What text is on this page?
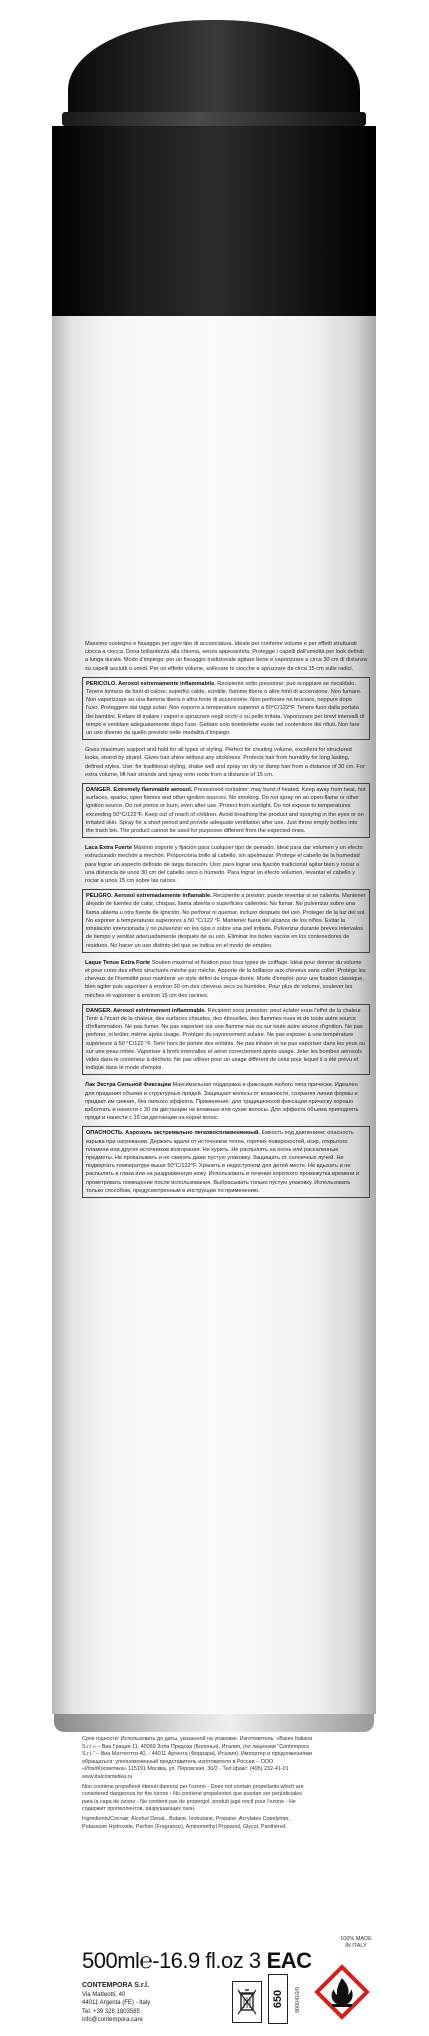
Massimo sostegno e fissaggio per ogni tipo di acconciatura. Ideale per conferire volume e per effetti strutturati ciocca a ciocca. Dona brillantezza alla chioma, senza appesantirla. Protegge i capelli dall'umidità per look definiti a lunga durata. Modo d'impiego: per un fissaggio tradizionale agitare bene e vaporizzare a circa 30 cm di distanza su capelli asciutti o umidi. Per un effetto volume, sollevare le ciocche e spruzzare da circa 15 cm sulle radici.
PERICOLO. Aerosol estremamente infiammabile. Recipiente sotto pressione: può scoppiare se riscaldato. Tenere lontano da fonti di calore, superfici calde, scintille, fiamme libere o altre fonti di accensione. Non fumare. Non vaporizzare su una fiamma libera o altra fonte di accensione. Non perforare né bruciare, neppure dopo l'uso. Proteggere dai raggi solari. Non esporre a temperature superiori a 50°C/122°F. Tenere fuori dalla portata dei bambini. Evitare di inalare i vapori e spruzzare negli occhi o su pelle irritata. Vaporizzare per brevi intervalli di tempo e ventilare adeguatamente dopo l'uso. Gettare solo bombolette vuote nel contenitore dei rifiuti. Non fare un uso diverso da quello previsto nelle modalità d'impiego.
Gives maximum support and hold for all types of styling. Perfect for creating volume, excellent for structured looks, strand by strand. Gives hair shine without any stickiness. Protects hair from humidity for long lasting, defined styles. Use: for traditional styling, shake well and spray on dry or damp hair from a distance of 30 cm. For extra volume, lift hair strands and spray onto roots from a distance of 15 cm.
DANGER. Extremely flammable aerosol. Pressurised container: may burst if heated. Keep away from heat, hot surfaces, sparks, open flames and other ignition sources. No smoking. Do not spray on an open flame or other ignition source. Do not pierce or burn, even after use. Protect from sunlight. Do not expose to temperatures exceeding 50°C/122°F. Keep out of reach of children. Avoid breathing the product and spraying in the eyes or on irritated skin. Spray for a short period and provide adequate ventilation after use. Just throw empty bottles into the trash bin. The product cannot be used for purposes different from the expected ones.
Laca Extra Fuerte Máximo soporte y fijación para cualquier tipo de peinado. Ideal para dar volumen y un efecto estructurado mechón a mechón. Proporciona brillo al cabello, sin apelmazar. Protege el cabello de la humedad para lograr un aspecto definido de larga duración. Uso: para lograr una fijación tradicional agitar bien y rociar a una distancia de unos 30 cm del cabello seco o húmedo. Para lograr un efecto volumen, levantar el cabello y rociar a unos 15 cm sobre las raíces.
PELIGRO. Aerosol extremadamente inflamable. Recipiente a presión: puede reventar si se calienta. Mantener alejado de fuentes de calor, chispas, llama abierta o superficies calientes. No fumar. No pulverizar sobre una llama abierta u otra fuente de ignición. No perforar ni quemar, incluso después del uso. Proteger de la luz del sol. No exponer a temperaturas superiores a 50 °C/122 °F. Mantener fuera del alcance de los niños. Evitar la inhalación intencionada y no pulverizar en los ojos o sobre una piel irritada. Pulverizar durante breves intervalos de tiempo y ventilar adecuadamente después de su uso. Eliminar los botes vacíos en los contenedores de residuos. No hacer un uso distinto del que se indica en el modo de empleo.
Laque Tenue Extra Forte Soutien maximal et fixation pour tous types de coiffage. Idéal pour donner du volume et pour créer des effets structurés mèche par mèche. Apporte de la brillance aux cheveux sans coller. Protège les cheveux de l'humidité pour maintenir un style défini de longue durée. Mode d'emploi: pour une fixation classique, bien agiter puis vaporiser à environ 30 cm des cheveux secs ou humides. Pour plus de volume, soulever les mèches et vaporiser à environ 15 cm des racines.
DANGER. Aérosol extrêmement inflammable. Récipient sous pression: peut éclater sous l'effet de la chaleur. Tenir à l'écart de la chaleur, des surfaces chaudes, des étincelles, des flammes nues et de toute autre source d'inflammation. Ne pas fumer. Ne pas vaporiser sur une flamme nue ou sur toute autre source d'ignition. Ne pas perforer, ni brûler, même après usage. Protéger du rayonnement solaire. Ne pas exposer à une température supérieure à 50 °C/122 °F. Tenir hors de portée des enfants. Ne pas inhaler et ne pas vaporiser dans les yeux ou sur une peau irritée. Vaporiser à brefs intervalles et aérer correctement après usage. Jeter les bombes aérosols vides dans le conteneur à déchets. Ne pas utiliser pour un usage différent de celui pour lequel il a été prévu et indiqué dans le mode d'emploi.
Лак Экстра Сильной Фиксации Максимальная поддержка и фиксация любого типа прически. Идеален для придания объема и структурных прядей. Защищает волосы от влажности, сохраняя линии формы и придает им сияние, без липкого эффекта. Применение: для традиционной фиксации прическу хорошо взболтать и нанести с 30 см дистанции на влажные или сухие волосы. Для эффекта объема приподнять пряди и нанести с 15 см дистанции на корни волос.
ОПАСНОСТЬ. Аэрозоль экстремально легковоспламеняемый. Емкость под давлением: опасность взрыва при нагревании. Держать вдали от источников тепла, горячих поверхностей, искр, открытого пламени или других источников возгорания. Не курить. Не распылять на огонь или раскаленные предметы. Не прокалывать и не сжигать даже пустую упаковку. Защищать от солнечных лучей. Не подвергать температуре выше 50°C/122°F. Хранить в недоступном для детей месте. Не вдыхать и не распылять в глаза или на раздраженную кожу. Использовать в течение короткого промежутка времени и проветривать помещение после использования. Выбрасывать только пустую упаковку. Использовать только способом, предусмотренным в инструкции по применению.

Срок годности: Использовать до даты, указанной на упаковке. Изготовитель: «Barex Italiana S.r.l.» – Виа Грация 11, 40069 Зола Предоза (Болонья), Италия, (по лицензии "Contempora S.r.l." – Виа Маттеотти 40, - 44011 Аргента (Феррара), Италия). Импортер и предложениями обращаться: уполномоченный представитель изготовителя в России – ООО «ИталКосметика» 115191 Москва, ул. Перовская, 30/2 - Тел./факс: (495) 232-41-01 www.italcosmetika.ru

Non contiene propellenti ritenuti dannosi per l'ozono - Does not contain propellants which are considered dangerous for the ozone - No contiene propelentes que puedan ser perjudiciales para la capa de ozono - Ne contient pas de propergol, produit jugé nocif pour l'ozone - Не содержит пропеллентов, разрушающих озон.

Ingredients/Состав: Alcohol Denat., Butane, Isobutane, Propane, Acrylates Copolymer, Potassium Hydroxide, Parfum (Fragrance), Aminomethyl Propanol, Glycol, Panthenol.

500ml℮-16.9 fl.oz 3 EAC
100% MADE IN ITALY
CONTEMPORA S.r.l.
Via Matteotti, 40
44011 Argenta (FE) - Italy
Tel. +39 328 1803585
info@contempora.care
650 9000410/0
